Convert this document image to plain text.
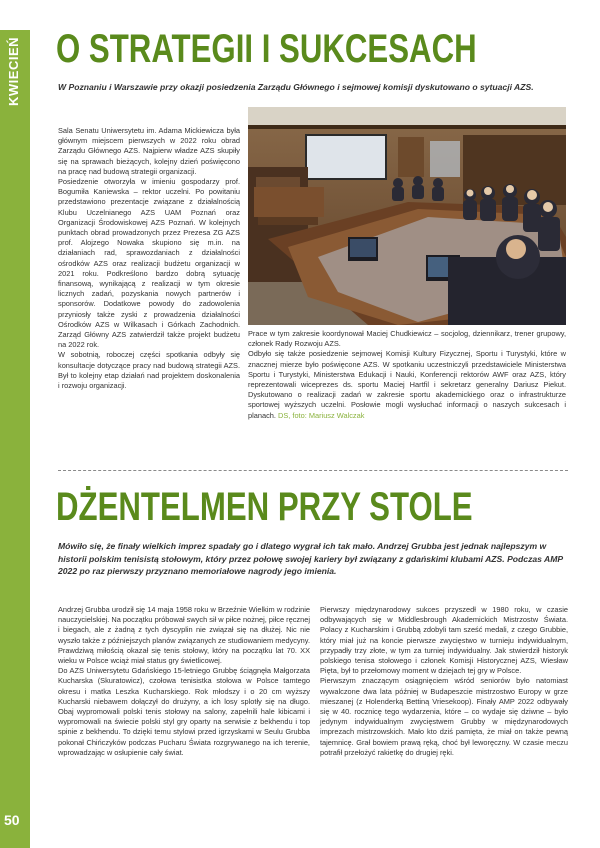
KWIECIEŃ
50
O STRATEGII I SUKCESACH

W Poznaniu i Warszawie przy okazji posiedzenia Zarządu Głównego i sejmowej komisji dyskutowano o sytuacji AZS.

Sala Senatu Uniwersytetu im. Adama Mickiewicza była głównym miejscem pierwszych w 2022 roku obrad Zarządu Głównego AZS. Najpierw władze AZS skupiły się na sprawach bieżących, kolejny dzień poświęcono na pracę nad budową strategii organizacji.

Posiedzenie otworzyła w imieniu gospodarzy prof. Bogumiła Kaniewska – rektor uczelni. Po powitaniu przedstawiono prezentacje związane z działalnością Klubu Uczelnianego AZS UAM Poznań oraz Organizacji Środowiskowej AZS Poznań. W kolejnych punktach obrad prowadzonych przez Prezesa ZG AZS prof. Alojzego Nowaka skupiono się m.in. na działaniach rad, sprawozdaniach z działalności ośrodków AZS oraz realizacji budżetu organizacji w 2021 roku. Podkreślono bardzo dobrą sytuację finansową, wynikającą z realizacji w tym okresie licznych zadań, pozyskania nowych partnerów i sponsorów. Dodatkowe powody do zadowolenia przyniosły także zyski z prowadzenia działalności Ośrodków AZS w Wilkasach i Górkach Zachodnich. Zarząd Główny AZS zatwierdził także projekt budżetu na 2022 rok.

W sobotnią, roboczej części spotkania odbyły się konsultacje dotyczące pracy nad budową strategii AZS. Był to kolejny etap działań nad projektem doskonalenia i rozwoju organizacji.

Prace w tym zakresie koordynował Maciej Chudkiewicz – socjolog, dziennikarz, trener grupowy, członek Rady Rozwoju AZS.

Odbyło się także posiedzenie sejmowej Komisji Kultury Fizycznej, Sportu i Turystyki, które w znacznej mierze było poświęcone AZS. W spotkaniu uczestniczyli przedstawiciele Ministerstwa Sportu i Turystyki, Ministerstwa Edukacji i Nauki, Konferencji rektorów AWF oraz AZS, który reprezentowali wiceprezes ds. sportu Maciej Hartfil i sekretarz generalny Dariusz Piekut. Dyskutowano o realizacji zadań w zakresie sportu akademickiego oraz o infrastrukturze sportowej wyższych uczelni. Posłowie mogli wysłuchać informacji o naszych sukcesach i planach. DS, foto: Mariusz Walczak

DŻENTELMEN PRZY STOLE

Mówiło się, że finały wielkich imprez spadały go i dlatego wygrał ich tak mało. Andrzej Grubba jest jednak najlepszym w historii polskim tenisistą stołowym, który przez połowę swojej kariery był związany z gdańskimi klubami AZS. Podczas AMP 2022 po raz pierwszy przyznano memoriałowe nagrody jego imienia.

Andrzej Grubba urodził się 14 maja 1958 roku w Brzeźnie Wielkim w rodzinie nauczycielskiej. Na początku próbował swych sił w piłce nożnej, piłce ręcznej i biegach, ale z żadną z tych dyscyplin nie związał się na dłużej. Nic nie wyszło także z późniejszych planów związanych ze studiowaniem medycyny. Prawdziwą miłością okazał się tenis stołowy, który na początku lat 70. XX wieku w Polsce wciąż miał status gry świetlicowej.

Do AZS Uniwersytetu Gdańskiego 15-letniego Grubbę ściągnęła Małgorzata Kucharska (Skuratowicz), czołowa tenisistka stołowa w Polsce tamtego okresu i matka Leszka Kucharskiego. Rok młodszy i o 20 cm wyższy Kucharski niebawem dołączył do drużyny, a ich losy splotły się na długo. Obaj wypromowali polski tenis stołowy na salony, zapełnili hale kibicami i wypromowali na świecie polski styl gry oparty na serwisie z bekhendu i top spinie z bekhendu. To dzięki temu stylowi przed igrzyskami w Seulu Grubba pokonał Chińczyków podczas Pucharu Świata rozgrywanego na ich terenie, wprowadzając w osłupienie cały świat.

Pierwszy międzynarodowy sukces przyszedł w 1980 roku, w czasie odbywających się w Middlesbrough Akademickich Mistrzostw Świata. Polacy z Kucharskim i Grubbą zdobyli tam sześć medali, z czego Grubbie, który miał już na koncie pierwsze zwycięstwo w turnieju indywidualnym, przypadły trzy złote, w tym za turniej indywidualny. Jak stwierdził historyk polskiego tenisa stołowego i członek Komisji Historycznej AZS, Wiesław Pięta, był to przełomowy moment w dziejach tej gry w Polsce.

Pierwszym znaczącym osiągnięciem wśród seniorów było natomiast wywalczone dwa lata później w Budapeszcie mistrzostwo Europy w grze mieszanej (z Holenderką Bettiną Vriesekoop). Finały AMP 2022 odbywały się w 40. rocznicę tego wydarzenia, które – co wydaje się dziwne – było jedynym indywidualnym zwycięstwem Grubby w międzynarodowych imprezach mistrzowskich. Mało kto dziś pamięta, że miał on także pewną tajemnicę. Grał bowiem prawą ręką, choć był leworęczny. W czasie meczu potrafił przełożyć rakietkę do drugiej ręki.
